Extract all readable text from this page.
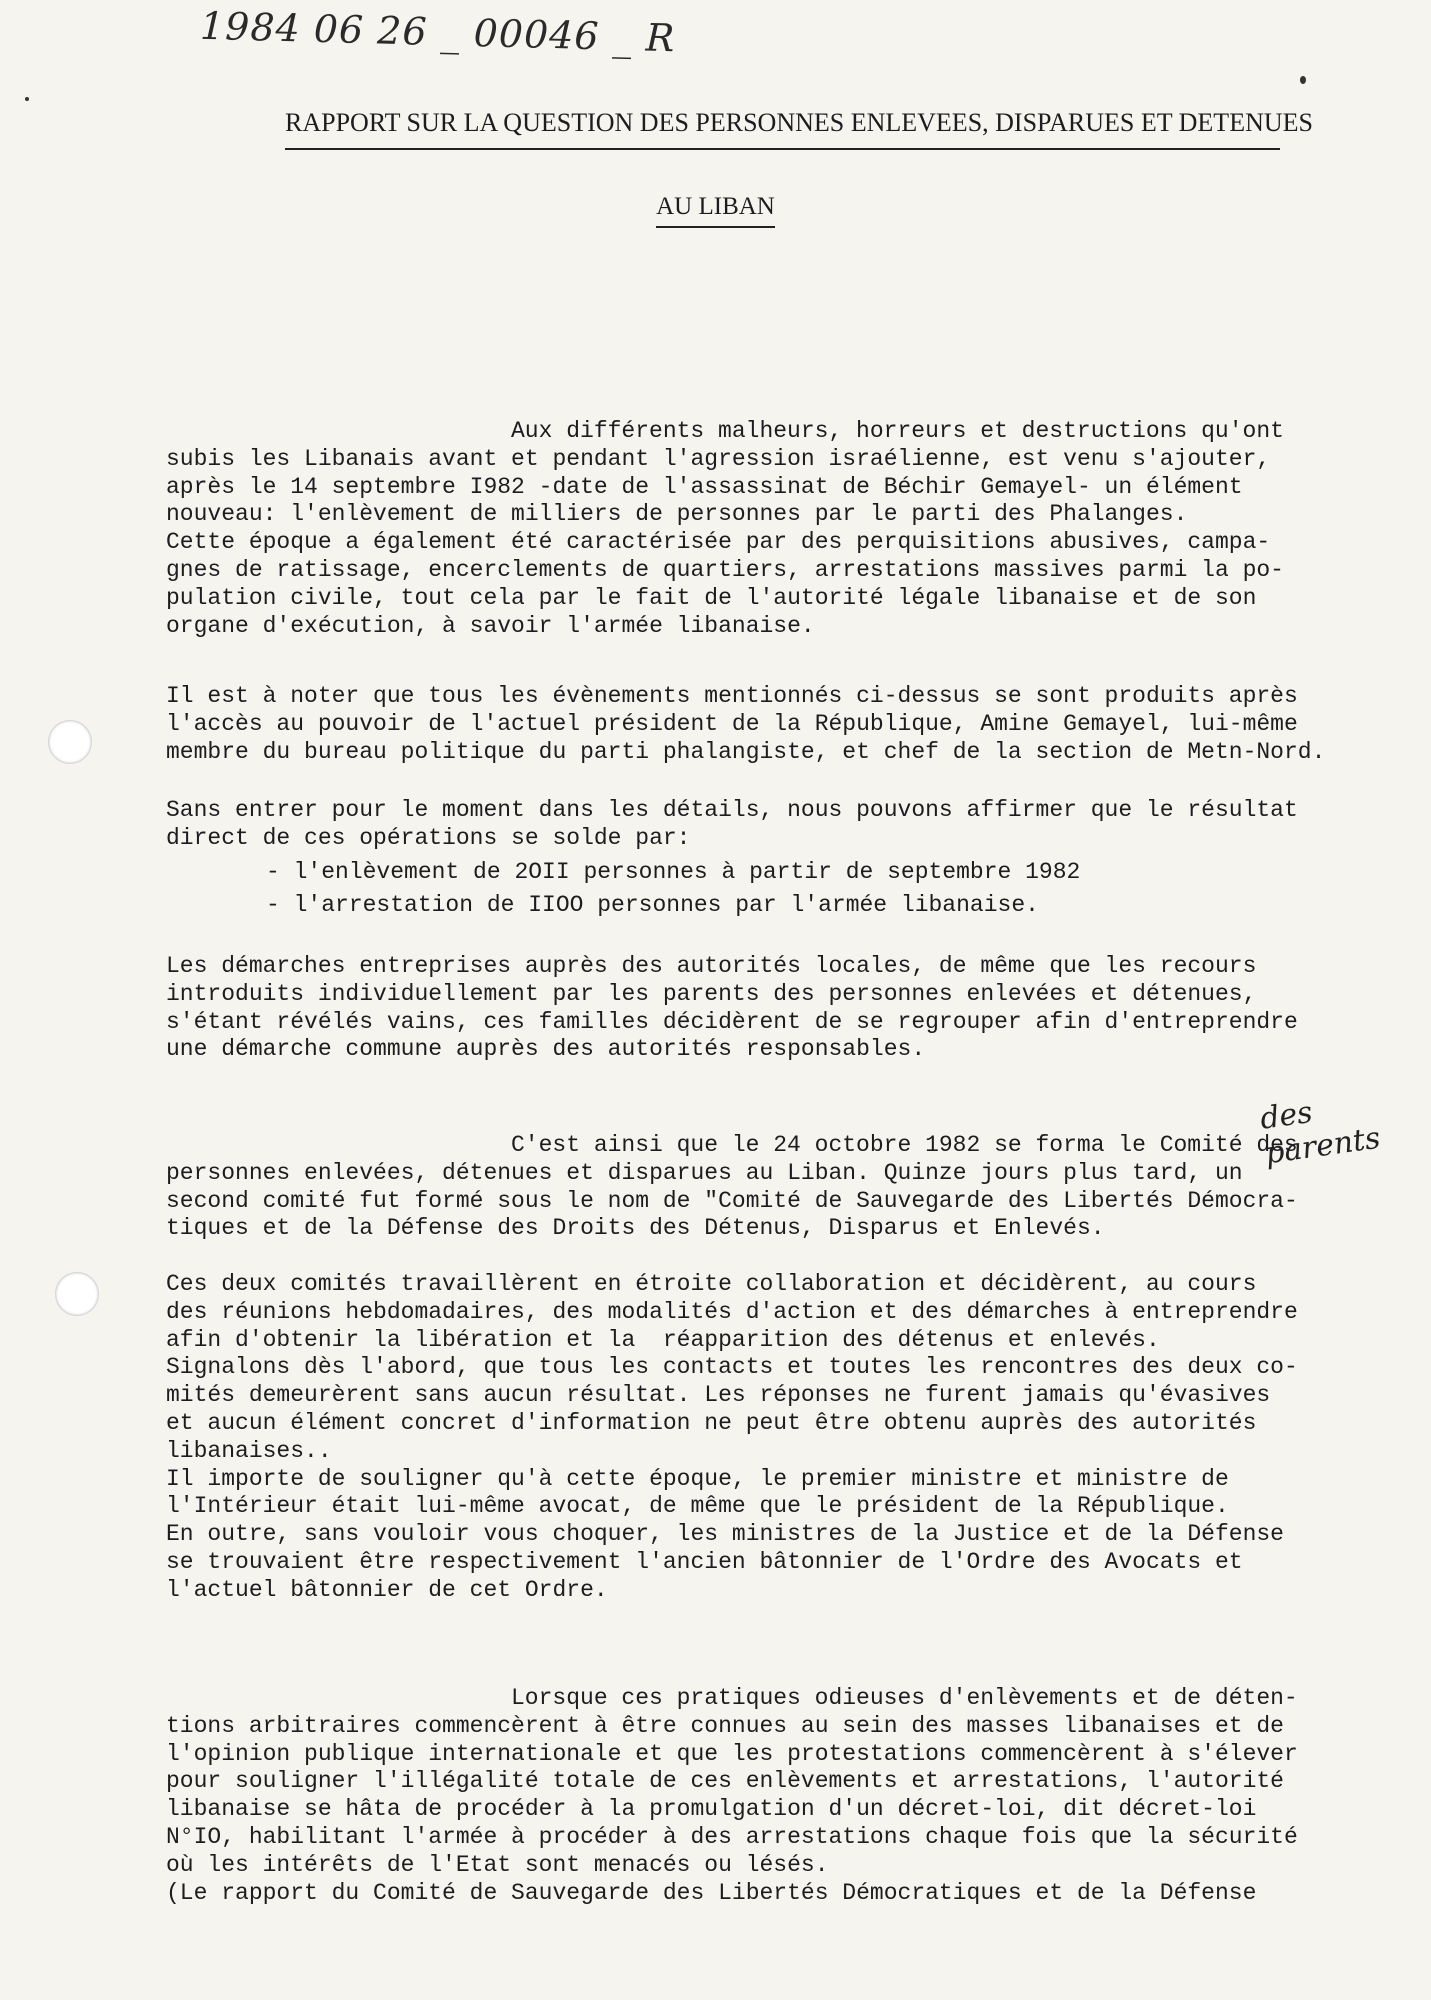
1984 06 26 _ 00046 _ R
RAPPORT SUR LA QUESTION DES PERSONNES ENLEVEES, DISPARUES ET DETENUES
AU LIBAN
des parents
Aux différents malheurs, horreurs et destructions qu'ont
subis les Libanais avant et pendant l'agression israélienne, est venu s'ajouter,
après le 14 septembre I982 -date de l'assassinat de Béchir Gemayel- un élément
nouveau: l'enlèvement de milliers de personnes par le parti des Phalanges.
Cette époque a également été caractérisée par des perquisitions abusives, campa-
gnes de ratissage, encerclements de quartiers, arrestations massives parmi la po-
pulation civile, tout cela par le fait de l'autorité légale libanaise et de son
organe d'exécution, à savoir l'armée libanaise.
Il est à noter que tous les évènements mentionnés ci-dessus se sont produits après
l'accès au pouvoir de l'actuel président de la République, Amine Gemayel, lui-même
membre du bureau politique du parti phalangiste, et chef de la section de Metn-Nord.
Sans entrer pour le moment dans les détails, nous pouvons affirmer que le résultat
direct de ces opérations se solde par:
- l'enlèvement de 2OII personnes à partir de septembre 1982
- l'arrestation de IIOO personnes par l'armée libanaise.
Les démarches entreprises auprès des autorités locales, de même que les recours
introduits individuellement par les parents des personnes enlevées et détenues,
s'étant révélés vains, ces familles décidèrent de se regrouper afin d'entreprendre
une démarche commune auprès des autorités responsables.
C'est ainsi que le 24 octobre 1982 se forma le Comité des
personnes enlevées, détenues et disparues au Liban. Quinze jours plus tard, un
second comité fut formé sous le nom de "Comité de Sauvegarde des Libertés Démocra-
tiques et de la Défense des Droits des Détenus, Disparus et Enlevés.
Ces deux comités travaillèrent en étroite collaboration et décidèrent, au cours
des réunions hebdomadaires, des modalités d'action et des démarches à entreprendre
afin d'obtenir la libération et la  réapparition des détenus et enlevés.
Signalons dès l'abord, que tous les contacts et toutes les rencontres des deux co-
mités demeurèrent sans aucun résultat. Les réponses ne furent jamais qu'évasives
et aucun élément concret d'information ne peut être obtenu auprès des autorités
libanaises..
Il importe de souligner qu'à cette époque, le premier ministre et ministre de
l'Intérieur était lui-même avocat, de même que le président de la République.
En outre, sans vouloir vous choquer, les ministres de la Justice et de la Défense
se trouvaient être respectivement l'ancien bâtonnier de l'Ordre des Avocats et
l'actuel bâtonnier de cet Ordre.
Lorsque ces pratiques odieuses d'enlèvements et de déten-
tions arbitraires commencèrent à être connues au sein des masses libanaises et de
l'opinion publique internationale et que les protestations commencèrent à s'élever
pour souligner l'illégalité totale de ces enlèvements et arrestations, l'autorité
libanaise se hâta de procéder à la promulgation d'un décret-loi, dit décret-loi
N°IO, habilitant l'armée à procéder à des arrestations chaque fois que la sécurité
où les intérêts de l'Etat sont menacés ou lésés.
(Le rapport du Comité de Sauvegarde des Libertés Démocratiques et de la Défense
